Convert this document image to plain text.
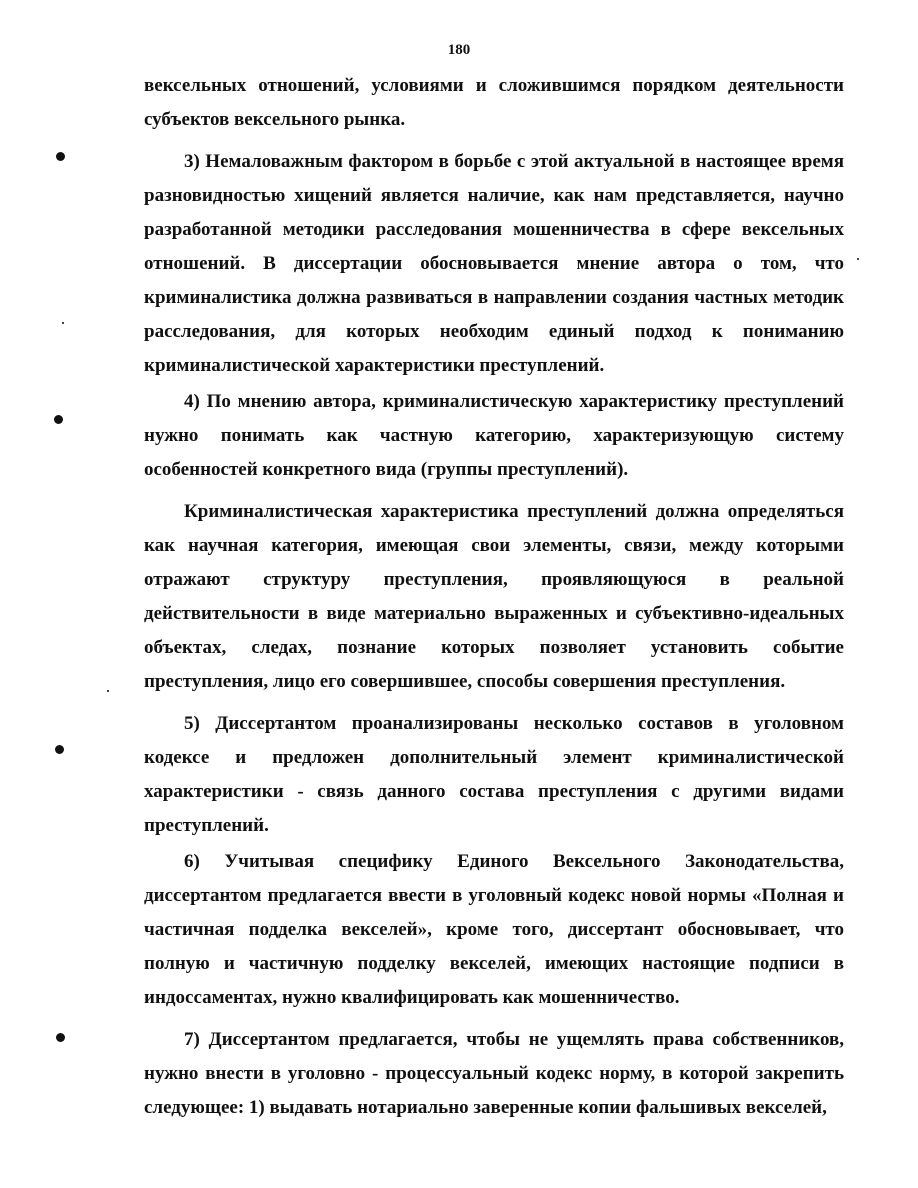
180

вексельных отношений, условиями и сложившимся порядком деятельности субъектов вексельного рынка.

3) Немаловажным фактором в борьбе с этой актуальной в настоящее время разновидностью хищений является наличие, как нам представляется, научно разработанной методики расследования мошенничества в сфере вексельных отношений. В диссертации обосновывается мнение автора о том, что криминалистика должна развиваться в направлении создания частных методик расследования, для которых необходим единый подход к пониманию криминалистической характеристики преступлений.

4) По мнению автора, криминалистическую характеристику преступлений нужно понимать как частную категорию, характеризующую систему особенностей конкретного вида (группы преступлений).

Криминалистическая характеристика преступлений должна определяться как научная категория, имеющая свои элементы, связи, между которыми отражают структуру преступления, проявляющуюся в реальной действительности в виде материально выраженных и субъективно-идеальных объектах, следах, познание которых позволяет установить событие преступления, лицо его совершившее, способы совершения преступления.

5) Диссертантом проанализированы несколько составов в уголовном кодексе и предложен дополнительный элемент криминалистической характеристики - связь данного состава преступления с другими видами преступлений.

6) Учитывая специфику Единого Вексельного Законодательства, диссертантом предлагается ввести в уголовный кодекс новой нормы «Полная и частичная подделка векселей», кроме того, диссертант обосновывает, что полную и частичную подделку векселей, имеющих настоящие подписи в индоссаментах, нужно квалифицировать как мошенничество.

7) Диссертантом предлагается, чтобы не ущемлять права собственников, нужно внести в уголовно - процессуальный кодекс норму, в которой закрепить следующее: 1) выдавать нотариально заверенные копии фальшивых векселей,
